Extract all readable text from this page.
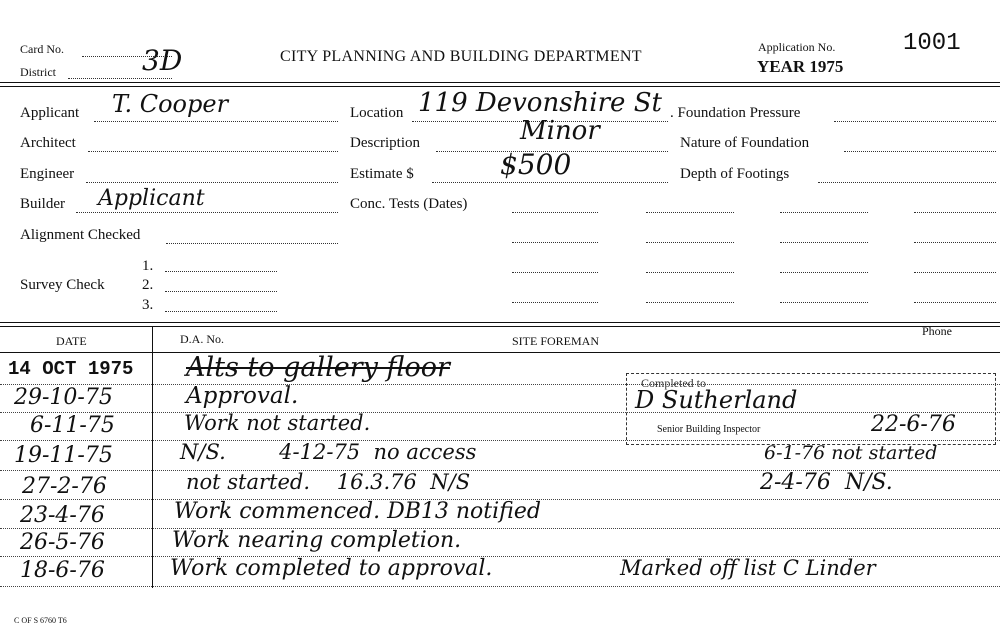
Card No.	3D
District
CITY PLANNING AND BUILDING DEPARTMENT
Application No.
YEAR 1975
1001
Applicant T. Cooper
Architect
Engineer
Builder Applicant
Alignment Checked
Survey Check
1.
2.
3.
Location 119 Devonshire St
Description	Minor
Estimate $	$500
Conc. Tests (Dates)
. Foundation Pressure
Nature of Foundation
Depth of Footings
DATE	D.A. No.	SITE FOREMAN
Phone
Completed to
D Sutherland
Senior Building Inspector	22-6-76
14 OCT 1975 Alts to gallery floor
29-10-75	Approval.
6-11-75	Work not started.
19-11-75	N/S.        4-12-75  no access	6-1-76 not started
27-2-76	not started.    16.3.76  N/S	2-4-76  N/S.
23-4-76	Work commenced. DB13 notified
26-5-76	Work nearing completion.
18-6-76	Work completed to approval.	Marked off list C Linder
C OF S 6760 T6
